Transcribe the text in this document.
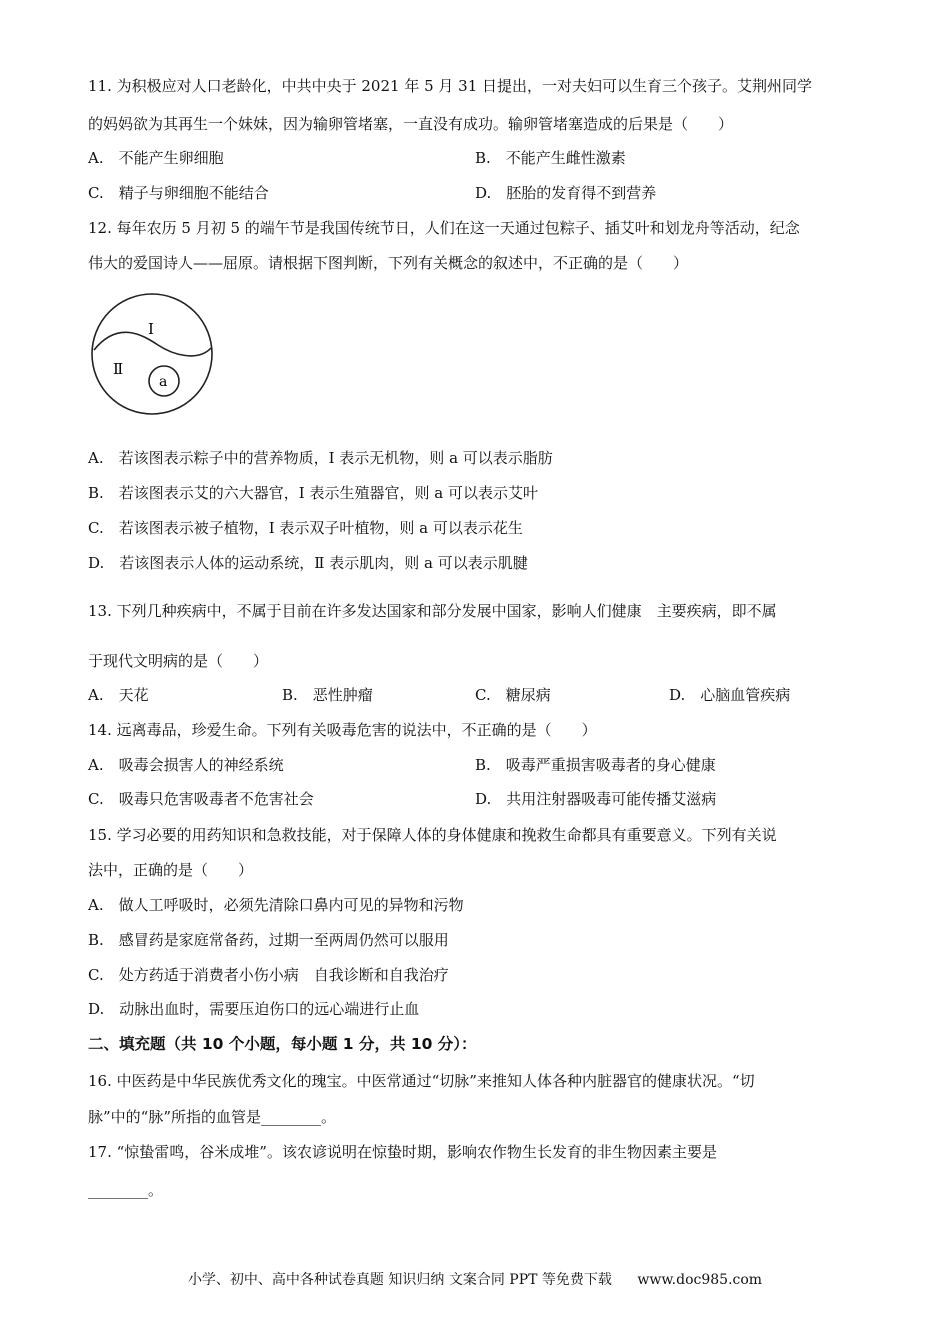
11. 为积极应对人口老龄化，中共中央于 2021 年 5 月 31 日提出，一对夫妇可以生育三个孩子。艾荆州同学
的妈妈欲为其再生一个妹妹，因为输卵管堵塞，一直没有成功。输卵管堵塞造成的后果是（　　）
A.　不能产生卵细胞	B.　不能产生雌性激素
C.　精子与卵细胞不能结合	D.　胚胎的发育得不到营养
12. 每年农历 5 月初 5 的端午节是我国传统节日，人们在这一天通过包粽子、插艾叶和划龙舟等活动，纪念
伟大的爱国诗人——屈原。请根据下图判断，下列有关概念的叙述中，不正确的是（　　）
Ⅰ
Ⅱ
a
A.　若该图表示粽子中的营养物质，I 表示无机物，则 a 可以表示脂肪
B.　若该图表示艾的六大器官，I 表示生殖器官，则 a 可以表示艾叶
C.　若该图表示被子植物，I 表示双子叶植物，则 a 可以表示花生
D.　若该图表示人体的运动系统，Ⅱ 表示肌肉，则 a 可以表示肌腱
13. 下列几种疾病中，不属于目前在许多发达国家和部分发展中国家，影响人们健康　主要疾病，即不属
于现代文明病的是（　　）
A.　天花	B.　恶性肿瘤	C.　糖尿病	D.　心脑血管疾病
14. 远离毒品，珍爱生命。下列有关吸毒危害的说法中，不正确的是（　　）
A.　吸毒会损害人的神经系统	B.　吸毒严重损害吸毒者的身心健康
C.　吸毒只危害吸毒者不危害社会	D.　共用注射器吸毒可能传播艾滋病
15. 学习必要的用药知识和急救技能，对于保障人体的身体健康和挽救生命都具有重要意义。下列有关说
法中，正确的是（　　）
A.　做人工呼吸时，必须先清除口鼻内可见的异物和污物
B.　感冒药是家庭常备药，过期一至两周仍然可以服用
C.　处方药适于消费者小伤小病　自我诊断和自我治疗
D.　动脉出血时，需要压迫伤口的远心端进行止血
二、填充题（共 10 个小题，每小题 1 分，共 10 分）：
16. 中医药是中华民族优秀文化的瑰宝。中医常通过“切脉”来推知人体各种内脏器官的健康状况。“切
脉”中的“脉”所指的血管是________。
17. “惊蛰雷鸣，谷米成堆”。该农谚说明在惊蛰时期，影响农作物生长发育的非生物因素主要是
________。
小学、初中、高中各种试卷真题 知识归纳 文案合同 PPT 等免费下载 www.doc985.com
